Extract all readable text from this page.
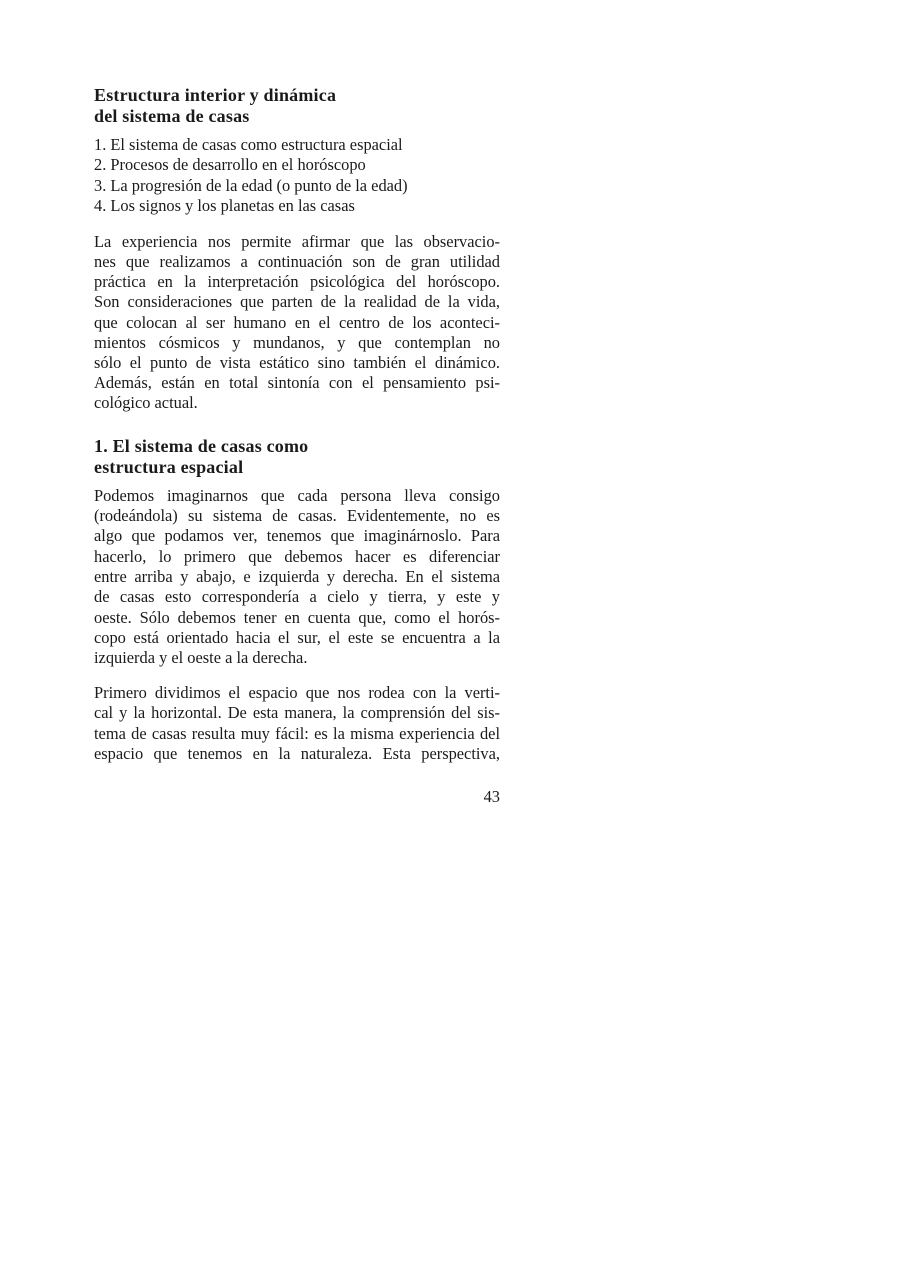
Estructura interior y dinámica
del sistema de casas
1. El sistema de casas como estructura espacial
2. Procesos de desarrollo en el horóscopo
3. La progresión de la edad (o punto de la edad)
4. Los signos y los planetas en las casas
La experiencia nos permite afirmar que las observacio-
nes que realizamos a continuación son de gran utilidad
práctica en la interpretación psicológica del horóscopo.
Son consideraciones que parten de la realidad de la vida,
que colocan al ser humano en el centro de los aconteci-
mientos cósmicos y mundanos, y que contemplan no
sólo el punto de vista estático sino también el dinámico.
Además, están en total sintonía con el pensamiento psi-
cológico actual.
1. El sistema de casas como
estructura espacial
Podemos imaginarnos que cada persona lleva consigo
(rodeándola) su sistema de casas. Evidentemente, no es
algo que podamos ver, tenemos que imaginárnoslo. Para
hacerlo, lo primero que debemos hacer es diferenciar
entre arriba y abajo, e izquierda y derecha. En el sistema
de casas esto correspondería a cielo y tierra, y este y
oeste. Sólo debemos tener en cuenta que, como el horós-
copo está orientado hacia el sur, el este se encuentra a la
izquierda y el oeste a la derecha.
Primero dividimos el espacio que nos rodea con la verti-
cal y la horizontal. De esta manera, la comprensión del sis-
tema de casas resulta muy fácil: es la misma experiencia del
espacio que tenemos en la naturaleza. Esta perspectiva,
43
